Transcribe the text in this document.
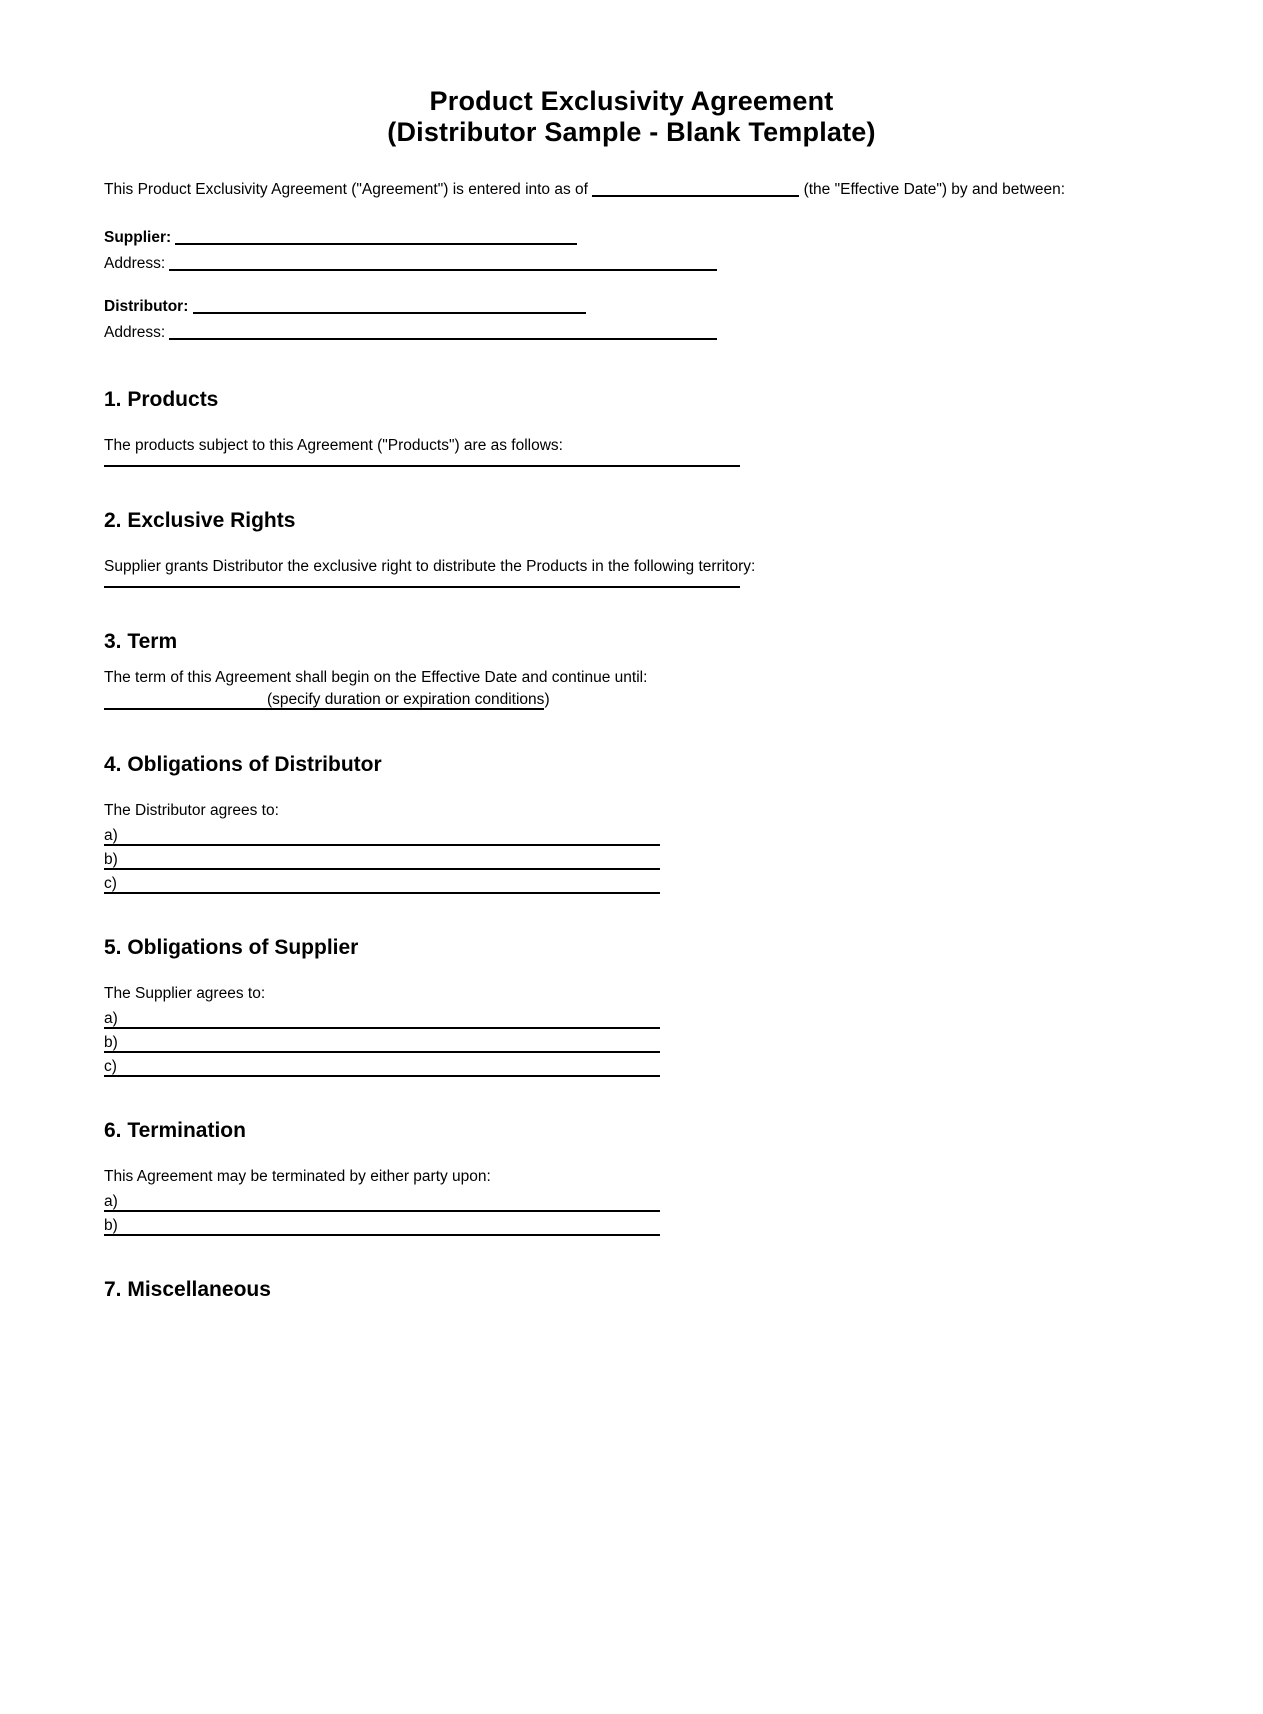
Product Exclusivity Agreement
(Distributor Sample - Blank Template)

This Product Exclusivity Agreement ("Agreement") is entered into as of	(the "Effective Date") by and between:

Supplier:
Address:
Distributor:
Address:
1. Products

The products subject to this Agreement ("Products") are as follows:

2. Exclusive Rights

Supplier grants Distributor the exclusive right to distribute the Products in the following territory:

3. Term

The term of this Agreement shall begin on the Effective Date and continue until:

(specify duration or expiration conditions)

4. Obligations of Distributor

The Distributor agrees to:

a)
b)
c)
5. Obligations of Supplier

The Supplier agrees to:

a)
b)
c)
6. Termination

This Agreement may be terminated by either party upon:

a)
b)
7. Miscellaneous
